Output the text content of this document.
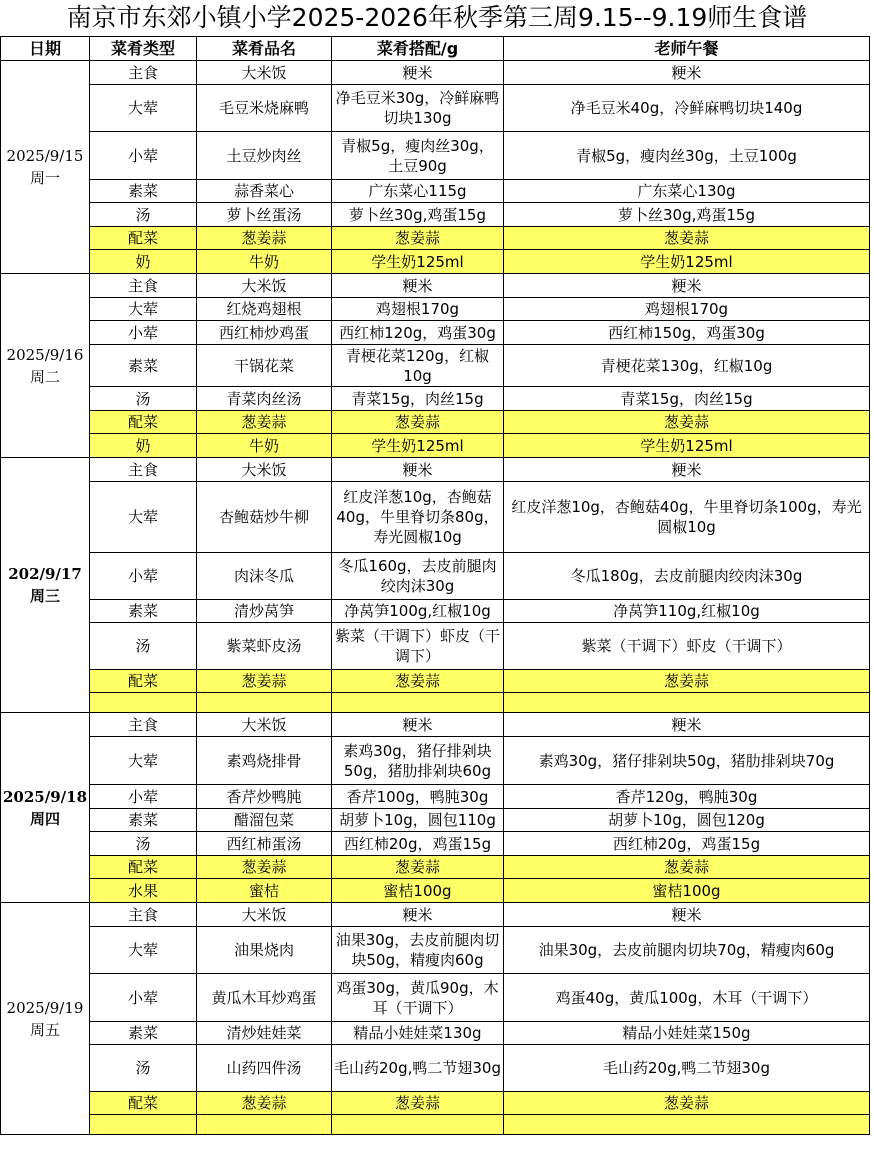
南京市东郊小镇小学2025-2026年秋季第三周9.15--9.19师生食谱
日期	菜肴类型	菜肴品名	菜肴搭配/g	老师午餐

2025/9/15
周一	主食	大米饭	粳米	粳米
	大荤	毛豆米烧麻鸭	净毛豆米30g，冷鲜麻鸭切块130g	净毛豆米40g，冷鲜麻鸭切块140g
	小荤	土豆炒肉丝	青椒5g，瘦肉丝30g，土豆90g	青椒5g，瘦肉丝30g，土豆100g
	素菜	蒜香菜心	广东菜心115g	广东菜心130g
	汤	萝卜丝蛋汤	萝卜丝30g,鸡蛋15g	萝卜丝30g,鸡蛋15g
	配菜	葱姜蒜	葱姜蒜	葱姜蒜
	奶	牛奶	学生奶125ml	学生奶125ml

2025/9/16
周二	主食	大米饭	粳米	粳米
	大荤	红烧鸡翅根	鸡翅根170g	鸡翅根170g
	小荤	西红柿炒鸡蛋	西红柿120g，鸡蛋30g	西红柿150g，鸡蛋30g
	素菜	干锅花菜	青梗花菜120g，红椒10g	青梗花菜130g，红椒10g
	汤	青菜肉丝汤	青菜15g，肉丝15g	青菜15g，肉丝15g
	配菜	葱姜蒜	葱姜蒜	葱姜蒜
	奶	牛奶	学生奶125ml	学生奶125ml

202/9/17
周三	主食	大米饭	粳米	粳米
	大荤	杏鲍菇炒牛柳	红皮洋葱10g，杏鲍菇40g，牛里脊切条80g，寿光圆椒10g	红皮洋葱10g，杏鲍菇40g，牛里脊切条100g，寿光圆椒10g
	小荤	肉沫冬瓜	冬瓜160g，去皮前腿肉绞肉沫30g	冬瓜180g，去皮前腿肉绞肉沫30g
	素菜	清炒莴笋	净莴笋100g,红椒10g	净莴笋110g,红椒10g
	汤	紫菜虾皮汤	紫菜（干调下）虾皮（干调下）	紫菜（干调下）虾皮（干调下）
	配菜	葱姜蒜	葱姜蒜	葱姜蒜

2025/9/18
周四	主食	大米饭	粳米	粳米
	大荤	素鸡烧排骨	素鸡30g，猪仔排剁块50g，猪肋排剁块60g	素鸡30g，猪仔排剁块50g，猪肋排剁块70g
	小荤	香芹炒鸭肫	香芹100g，鸭肫30g	香芹120g，鸭肫30g
	素菜	醋溜包菜	胡萝卜10g，圆包110g	胡萝卜10g，圆包120g
	汤	西红柿蛋汤	西红柿20g，鸡蛋15g	西红柿20g，鸡蛋15g
	配菜	葱姜蒜	葱姜蒜	葱姜蒜
	水果	蜜桔	蜜桔100g	蜜桔100g

2025/9/19
周五	主食	大米饭	粳米	粳米
	大荤	油果烧肉	油果30g，去皮前腿肉切块50g，精瘦肉60g	油果30g，去皮前腿肉切块70g，精瘦肉60g
	小荤	黄瓜木耳炒鸡蛋	鸡蛋30g，黄瓜90g，木耳（干调下）	鸡蛋40g，黄瓜100g，木耳（干调下）
	素菜	清炒娃娃菜	精品小娃娃菜130g	精品小娃娃菜150g
	汤	山药四件汤	毛山药20g,鸭二节翅30g	毛山药20g,鸭二节翅30g
	配菜	葱姜蒜	葱姜蒜	葱姜蒜
